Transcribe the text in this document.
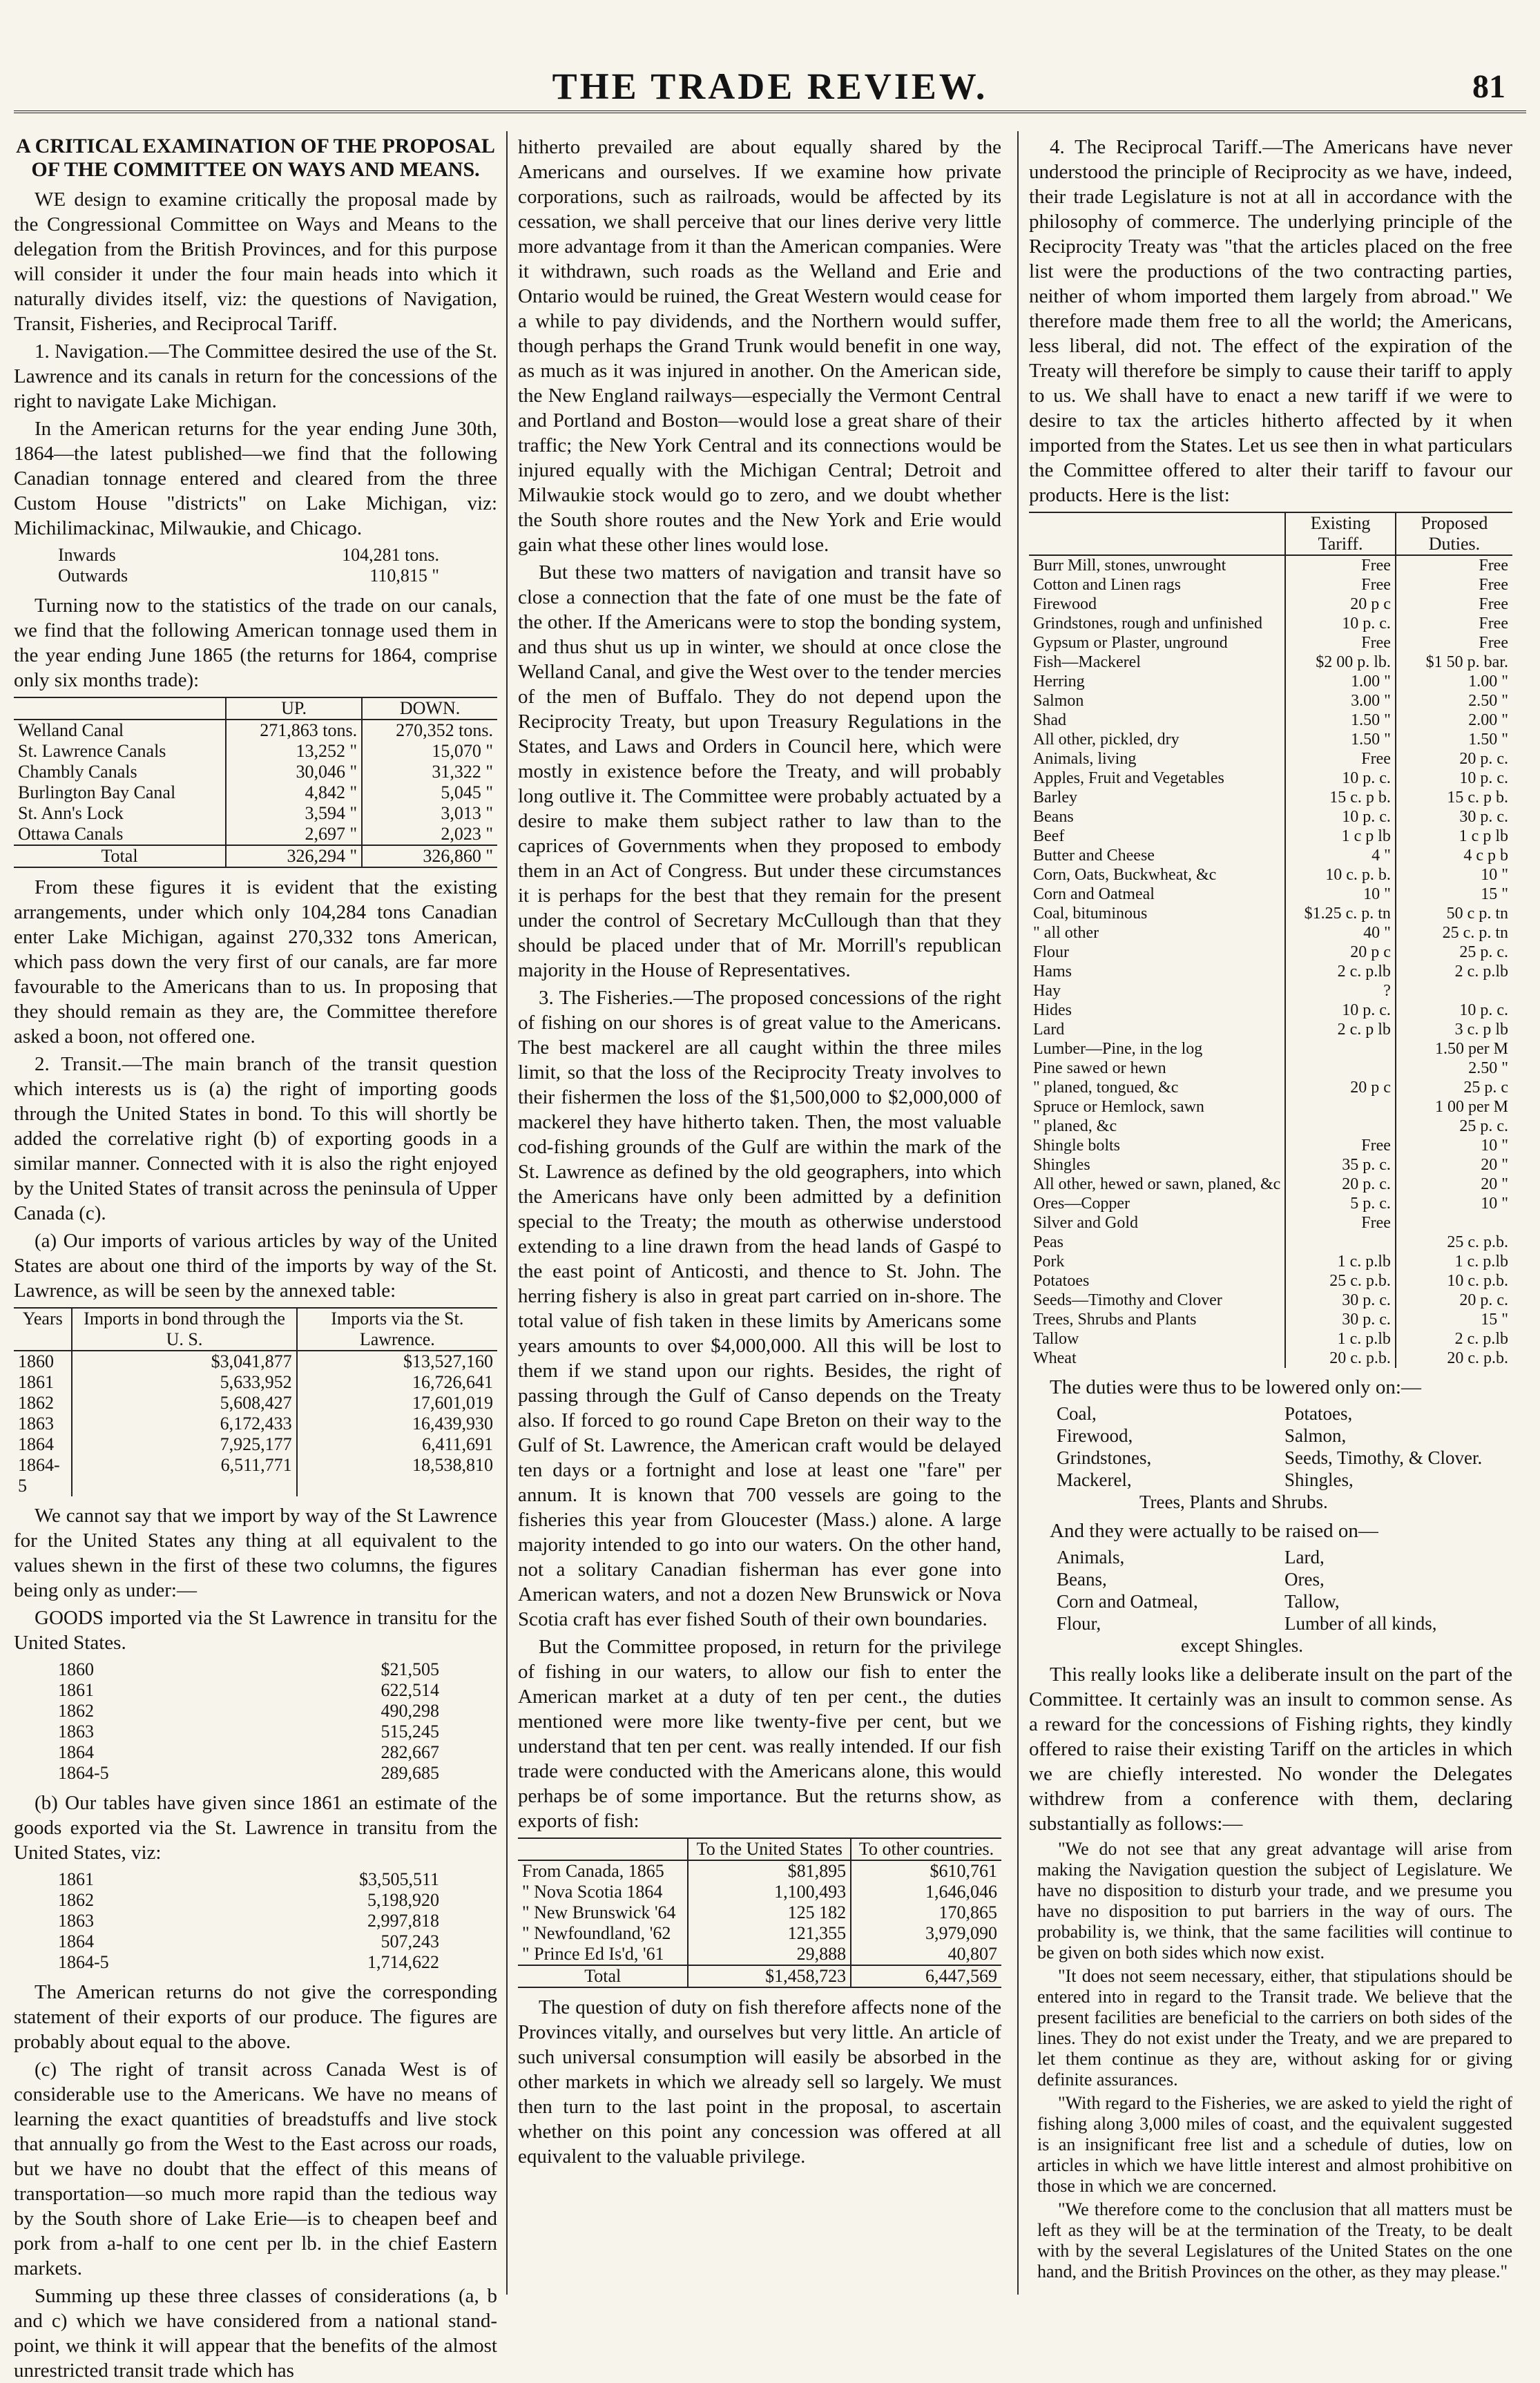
THE TRADE REVIEW.	81
A CRITICAL EXAMINATION OF THE PROPOSAL OF THE COMMITTEE ON WAYS AND MEANS.

WE design to examine critically the proposal made by the Congressional Committee on Ways and Means to the delegation from the British Provinces, and for this purpose will consider it under the four main heads into which it naturally divides itself, viz: the questions of Navigation, Transit, Fisheries, and Reciprocal Tariff.

1. Navigation.—The Committee desired the use of the St. Lawrence and its canals in return for the concessions of the right to navigate Lake Michigan.

In the American returns for the year ending June 30th, 1864—the latest published—we find that the following Canadian tonnage entered and cleared from the three Custom House "districts" on Lake Michigan, viz: Michilimackinac, Milwaukie, and Chicago.

Inwards	104,281 tons.
Outwards	110,815 "

Turning now to the statistics of the trade on our canals, we find that the following American tonnage used them in the year ending June 1865 (the returns for 1864, comprise only six months trade):

	UP.	DOWN.
Welland Canal	271,863 tons.	270,352 tons.
St. Lawrence Canals	13,252 "	15,070 "
Chambly Canals	30,046 "	31,322 "
Burlington Bay Canal	4,842 "	5,045 "
St. Ann's Lock	3,594 "	3,013 "
Ottawa Canals	2,697 "	2,023 "
Total	326,294 "	326,860 "

From these figures it is evident that the existing arrangements, under which only 104,284 tons Canadian enter Lake Michigan, against 270,332 tons American, which pass down the very first of our canals, are far more favourable to the Americans than to us. In proposing that they should remain as they are, the Committee therefore asked a boon, not offered one.

2. Transit.—The main branch of the transit question which interests us is (a) the right of importing goods through the United States in bond. To this will shortly be added the correlative right (b) of exporting goods in a similar manner. Connected with it is also the right enjoyed by the United States of transit across the peninsula of Upper Canada (c).

(a) Our imports of various articles by way of the United States are about one third of the imports by way of the St. Lawrence, as will be seen by the annexed table:

Years	Imports in bond through the U. S.	Imports via the St. Lawrence.
1860	$3,041,877	$13,527,160
1861	5,633,952	16,726,641
1862	5,608,427	17,601,019
1863	6,172,433	16,439,930
1864	7,925,177	6,411,691
1864-5	6,511,771	18,538,810

We cannot say that we import by way of the St Lawrence for the United States any thing at all equivalent to the values shewn in the first of these two columns, the figures being only as under:—

GOODS imported via the St Lawrence in transitu for the United States.

1860	$21,505
1861	622,514
1862	490,298
1863	515,245
1864	282,667
1864-5	289,685

(b) Our tables have given since 1861 an estimate of the goods exported via the St. Lawrence in transitu from the United States, viz:

1861	$3,505,511
1862	5,198,920
1863	2,997,818
1864	507,243
1864-5	1,714,622

The American returns do not give the corresponding statement of their exports of our produce. The figures are probably about equal to the above.

(c) The right of transit across Canada West is of considerable use to the Americans. We have no means of learning the exact quantities of breadstuffs and live stock that annually go from the West to the East across our roads, but we have no doubt that the effect of this means of transportation—so much more rapid than the tedious way by the South shore of Lake Erie—is to cheapen beef and pork from a-half to one cent per lb. in the chief Eastern markets.

Summing up these three classes of considerations (a, b and c) which we have considered from a national stand-point, we think it will appear that the benefits of the almost unrestricted transit trade which has

hitherto prevailed are about equally shared by the Americans and ourselves. If we examine how private corporations, such as railroads, would be affected by its cessation, we shall perceive that our lines derive very little more advantage from it than the American companies. Were it withdrawn, such roads as the Welland and Erie and Ontario would be ruined, the Great Western would cease for a while to pay dividends, and the Northern would suffer, though perhaps the Grand Trunk would benefit in one way, as much as it was injured in another. On the American side, the New England railways—especially the Vermont Central and Portland and Boston—would lose a great share of their traffic; the New York Central and its connections would be injured equally with the Michigan Central; Detroit and Milwaukie stock would go to zero, and we doubt whether the South shore routes and the New York and Erie would gain what these other lines would lose.

But these two matters of navigation and transit have so close a connection that the fate of one must be the fate of the other. If the Americans were to stop the bonding system, and thus shut us up in winter, we should at once close the Welland Canal, and give the West over to the tender mercies of the men of Buffalo. They do not depend upon the Reciprocity Treaty, but upon Treasury Regulations in the States, and Laws and Orders in Council here, which were mostly in existence before the Treaty, and will probably long outlive it. The Committee were probably actuated by a desire to make them subject rather to law than to the caprices of Governments when they proposed to embody them in an Act of Congress. But under these circumstances it is perhaps for the best that they remain for the present under the control of Secretary McCullough than that they should be placed under that of Mr. Morrill's republican majority in the House of Representatives.

3. The Fisheries.—The proposed concessions of the right of fishing on our shores is of great value to the Americans. The best mackerel are all caught within the three miles limit, so that the loss of the Reciprocity Treaty involves to their fishermen the loss of the $1,500,000 to $2,000,000 of mackerel they have hitherto taken. Then, the most valuable cod-fishing grounds of the Gulf are within the mark of the St. Lawrence as defined by the old geographers, into which the Americans have only been admitted by a definition special to the Treaty; the mouth as otherwise understood extending to a line drawn from the head lands of Gaspé to the east point of Anticosti, and thence to St. John. The herring fishery is also in great part carried on in-shore. The total value of fish taken in these limits by Americans some years amounts to over $4,000,000. All this will be lost to them if we stand upon our rights. Besides, the right of passing through the Gulf of Canso depends on the Treaty also. If forced to go round Cape Breton on their way to the Gulf of St. Lawrence, the American craft would be delayed ten days or a fortnight and lose at least one "fare" per annum. It is known that 700 vessels are going to the fisheries this year from Gloucester (Mass.) alone. A large majority intended to go into our waters. On the other hand, not a solitary Canadian fisherman has ever gone into American waters, and not a dozen New Brunswick or Nova Scotia craft has ever fished South of their own boundaries.

But the Committee proposed, in return for the privilege of fishing in our waters, to allow our fish to enter the American market at a duty of ten per cent., the duties mentioned were more like twenty-five per cent, but we understand that ten per cent. was really intended. If our fish trade were conducted with the Americans alone, this would perhaps be of some importance. But the returns show, as exports of fish:

	To the United States	To other countries.
From Canada, 1865	$81,895	$610,761
" Nova Scotia 1864	1,100,493	1,646,046
" New Brunswick '64	125 182	170,865
" Newfoundland, '62	121,355	3,979,090
" Prince Ed Is'd, '61	29,888	40,807
Total	$1,458,723	6,447,569

The question of duty on fish therefore affects none of the Provinces vitally, and ourselves but very little. An article of such universal consumption will easily be absorbed in the other markets in which we already sell so largely. We must then turn to the last point in the proposal, to ascertain whether on this point any concession was offered at all equivalent to the valuable privilege.

4. The Reciprocal Tariff.—The Americans have never understood the principle of Reciprocity as we have, indeed, their trade Legislature is not at all in accordance with the philosophy of commerce. The underlying principle of the Reciprocity Treaty was "that the articles placed on the free list were the productions of the two contracting parties, neither of whom imported them largely from abroad." We therefore made them free to all the world; the Americans, less liberal, did not. The effect of the expiration of the Treaty will therefore be simply to cause their tariff to apply to us. We shall have to enact a new tariff if we were to desire to tax the articles hitherto affected by it when imported from the States. Let us see then in what particulars the Committee offered to alter their tariff to favour our products. Here is the list:

	Existing Tariff.	Proposed Duties.
Burr Mill, stones, unwrought	Free	Free
Cotton and Linen rags	Free	Free
Firewood	20 p c	Free
Grindstones, rough and unfinished	10 p. c.	Free
Gypsum or Plaster, unground	Free	Free
Fish—Mackerel	$2 00 p. lb.	$1 50 p. bar.
Herring	1.00 "	1.00 "
Salmon	3.00 "	2.50 "
Shad	1.50 "	2.00 "
All other, pickled, dry	1.50 "	1.50 "
Animals, living	Free	20 p. c.
Apples, Fruit and Vegetables	10 p. c.	10 p. c.
Barley	15 c. p b.	15 c. p b.
Beans	10 p. c.	30 p. c.
Beef	1 c p lb	1 c p lb
Butter and Cheese	4 "	4 c p b
Corn, Oats, Buckwheat, &c	10 c. p. b.	10 "
Corn and Oatmeal	10 "	15 "
Coal, bituminous	$1.25 c. p. tn	50 c p. tn
" all other	40 "	25 c. p. tn
Flour	20 p c	25 p. c.
Hams	2 c. p.lb	2 c. p.lb
Hay	?	
Hides	10 p. c.	10 p. c.
Lard	2 c. p lb	3 c. p lb
Lumber—Pine, in the log		1.50 per M
Pine sawed or hewn		2.50 "
" planed, tongued, &c	20 p c	25 p. c
Spruce or Hemlock, sawn		1 00 per M
" planed, &c		25 p. c.
Shingle bolts	Free	10 "
Shingles	35 p. c.	20 "
All other, hewed or sawn, planed, &c	20 p. c.	20 "
Ores—Copper	5 p. c.	10 "
Silver and Gold	Free	
Peas		25 c. p.b.
Pork	1 c. p.lb	1 c. p.lb
Potatoes	25 c. p.b.	10 c. p.b.
Seeds—Timothy and Clover	30 p. c.	20 p. c.
Trees, Shrubs and Plants	30 p. c.	15 "
Tallow	1 c. p.lb	2 c. p.lb
Wheat	20 c. p.b.	20 c. p.b.

The duties were thus to be lowered only on:—

Coal,	Potatoes,
Firewood,	Salmon,
Grindstones,	Seeds, Timothy, & Clover.
Mackerel,	Shingles,
Trees, Plants and Shrubs.

And they were actually to be raised on—

Animals,	Lard,
Beans,	Ores,
Corn and Oatmeal,	Tallow,
Flour,	Lumber of all kinds,
except Shingles.

This really looks like a deliberate insult on the part of the Committee. It certainly was an insult to common sense. As a reward for the concessions of Fishing rights, they kindly offered to raise their existing Tariff on the articles in which we are chiefly interested. No wonder the Delegates withdrew from a conference with them, declaring substantially as follows:—

"We do not see that any great advantage will arise from making the Navigation question the subject of Legislature. We have no disposition to disturb your trade, and we presume you have no disposition to put barriers in the way of ours. The probability is, we think, that the same facilities will continue to be given on both sides which now exist.

"It does not seem necessary, either, that stipulations should be entered into in regard to the Transit trade. We believe that the present facilities are beneficial to the carriers on both sides of the lines. They do not exist under the Treaty, and we are prepared to let them continue as they are, without asking for or giving definite assurances.

"With regard to the Fisheries, we are asked to yield the right of fishing along 3,000 miles of coast, and the equivalent suggested is an insignificant free list and a schedule of duties, low on articles in which we have little interest and almost prohibitive on those in which we are concerned.

"We therefore come to the conclusion that all matters must be left as they will be at the termination of the Treaty, to be dealt with by the several Legislatures of the United States on the one hand, and the British Provinces on the other, as they may please."
